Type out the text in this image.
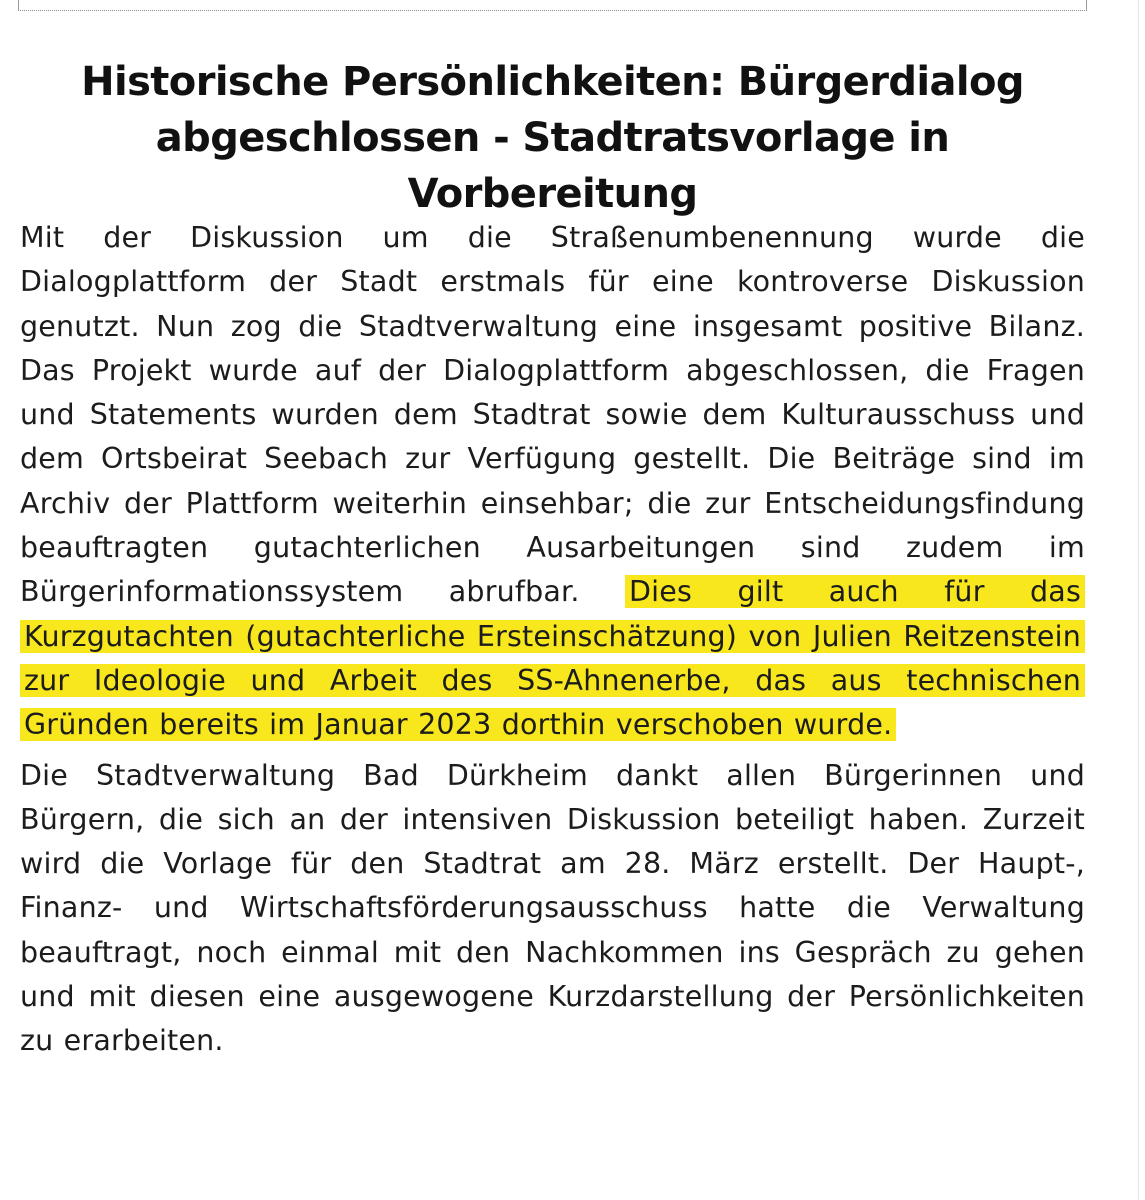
Historische Persönlichkeiten: Bürgerdialog abgeschlossen - Stadtratsvorlage in Vorbereitung

Mit der Diskussion um die Straßenumbenennung wurde die Dialogplattform der Stadt erstmals für eine kontroverse Diskussion genutzt. Nun zog die Stadtverwaltung eine insgesamt positive Bilanz. Das Projekt wurde auf der Dialogplattform abgeschlossen, die Fragen und Statements wurden dem Stadtrat sowie dem Kulturausschuss und dem Ortsbeirat Seebach zur Verfügung gestellt. Die Beiträge sind im Archiv der Plattform weiterhin einsehbar; die zur Entscheidungsfindung beauftragten gutachterlichen Ausarbeitungen sind zudem im Bürgerinformationssystem abrufbar. Dies gilt auch für das Kurzgutachten (gutachterliche Ersteinschätzung) von Julien Reitzenstein zur Ideologie und Arbeit des SS-Ahnenerbe, das aus technischen Gründen bereits im Januar 2023 dorthin verschoben wurde.

Die Stadtverwaltung Bad Dürkheim dankt allen Bürgerinnen und Bürgern, die sich an der intensiven Diskussion beteiligt haben. Zurzeit wird die Vorlage für den Stadtrat am 28. März erstellt. Der Haupt-, Finanz- und Wirtschaftsförderungsausschuss hatte die Verwaltung beauftragt, noch einmal mit den Nachkommen ins Gespräch zu gehen und mit diesen eine ausgewogene Kurzdarstellung der Persönlichkeiten zu erarbeiten.
